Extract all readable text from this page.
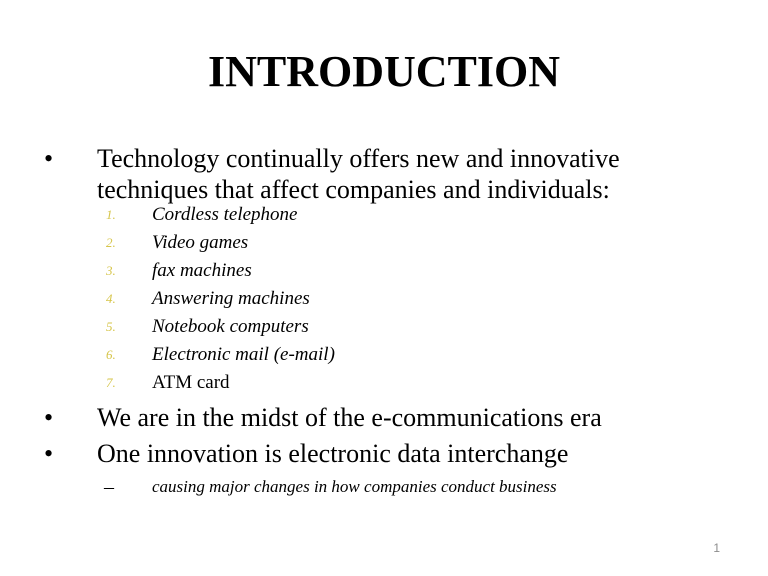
INTRODUCTION
• Technology continually offers new and innovative techniques that affect companies and individuals:
1.	Cordless telephone
2.	Video games
3.	fax machines
4.	Answering machines
5.	Notebook computers
6.	Electronic mail (e-mail)
7.	ATM card
• We are in the midst of the e-communications era
• One innovation is electronic data interchange
– causing major changes in how companies conduct business
1
